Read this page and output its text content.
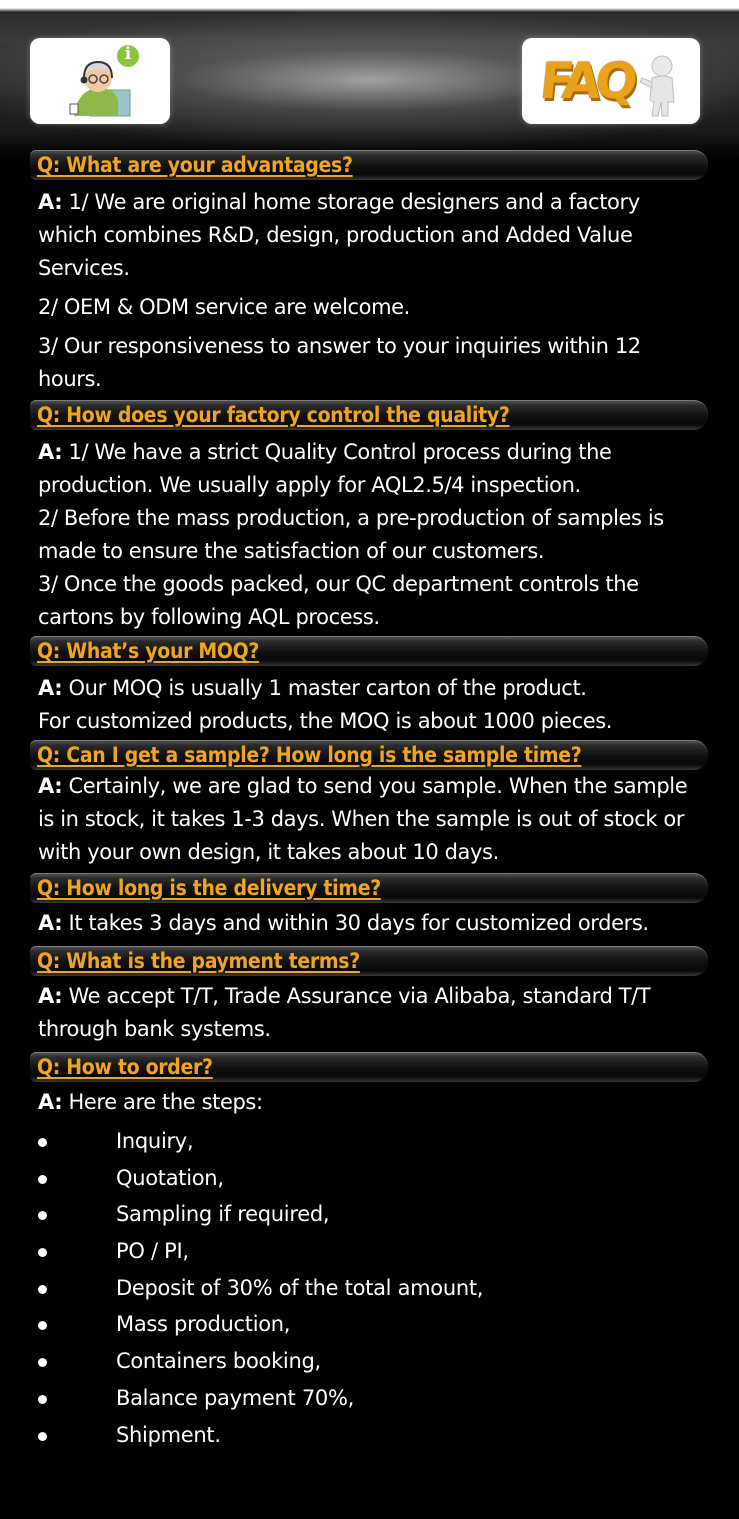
i	FAQ
Q: What are your advantages?

A: 1/ We are original home storage designers and a factory which combines R&D, design, production and Added Value Services.

2/ OEM & ODM service are welcome.

3/ Our responsiveness to answer to your inquiries within 12 hours.

Q: How does your factory control the quality?

A: 1/ We have a strict Quality Control process during the production. We usually apply for AQL2.5/4 inspection.

2/ Before the mass production, a pre-production of samples is made to ensure the satisfaction of our customers.

3/ Once the goods packed, our QC department controls the cartons by following AQL process.

Q: What’s your MOQ?

A: Our MOQ is usually 1 master carton of the product.

For customized products, the MOQ is about 1000 pieces.

Q: Can I get a sample? How long is the sample time?

A: Certainly, we are glad to send you sample. When the sample is in stock, it takes 1-3 days. When the sample is out of stock or with your own design, it takes about 10 days.

Q: How long is the delivery time?

A: It takes 3 days and within 30 days for customized orders.

Q: What is the payment terms?

A: We accept T/T, Trade Assurance via Alibaba, standard T/T through bank systems.

Q: How to order?

A: Here are the steps:

Inquiry,
Quotation,
Sampling if required,
PO / PI,
Deposit of 30% of the total amount,
Mass production,
Containers booking,
Balance payment 70%,
Shipment.
